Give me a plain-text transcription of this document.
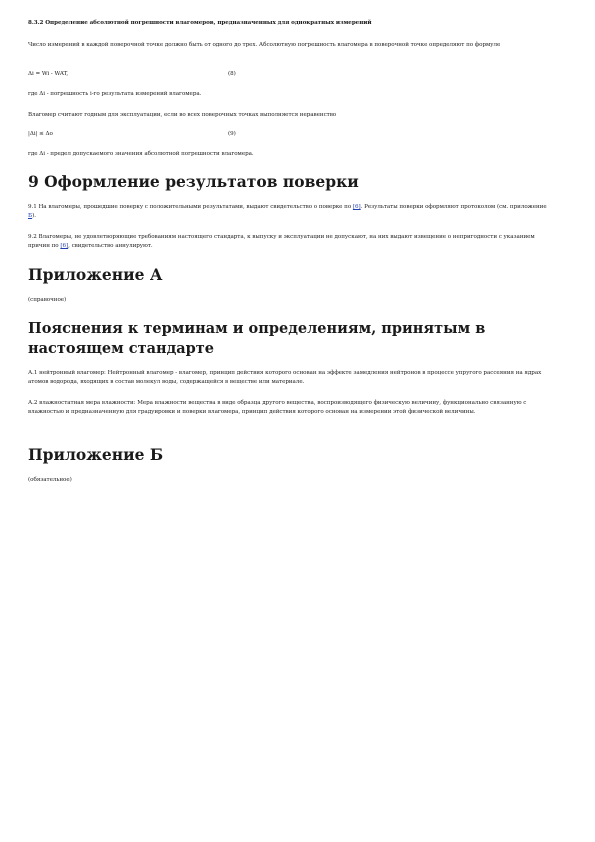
8.3.2 Определение абсолютной погрешности влагомеров, предназначенных для однократных измерений

Число измерений в каждой поверочной точке должно быть от одного до трех. Абсолютную погрешность влагомера в поверочной точке определяют по формуле

Δi = Wi - WAT,	(8)

где Δi - погрешность i-го результата измерений влагомера.

Влагомер считают годным для эксплуатации, если во всех поверочных точках выполняется неравенство

|Δi| ≤ Δo	(9)

где Δi - предел допускаемого значения абсолютной погрешности влагомера.

9 Оформление результатов поверки

9.1 На влагомеры, прошедшие поверку с положительными результатами, выдают свидетельство о поверке по [6]. Результаты поверки оформляют протоколом (см. приложение Б).

9.2 Влагомеры, не удовлетворяющие требованиям настоящего стандарта, к выпуску и эксплуатации не допускают, на них выдают извещение о непригодности с указанием причин по [6], свидетельство аннулируют.

Приложение А

(справочное)

Пояснения к терминам и определениям, принятым в настоящем стандарте

А.1 нейтронный влагомер: Нейтронный влагомер - влагомер, принцип действия которого основан на эффекте замедления нейтронов в процессе упругого рассеяния на ядрах атомов водорода, входящих в состав молекул воды, содержащейся в веществе или материале.

А.2 влажностатная мера влажности: Мера влажности вещества в виде образца другого вещества, воспроизводящего физическую величину, функционально связанную с влажностью и предназначенную для градуировки и поверки влагомера, принцип действия которого основан на измерении этой физической величины.

Приложение Б

(обязательное)
